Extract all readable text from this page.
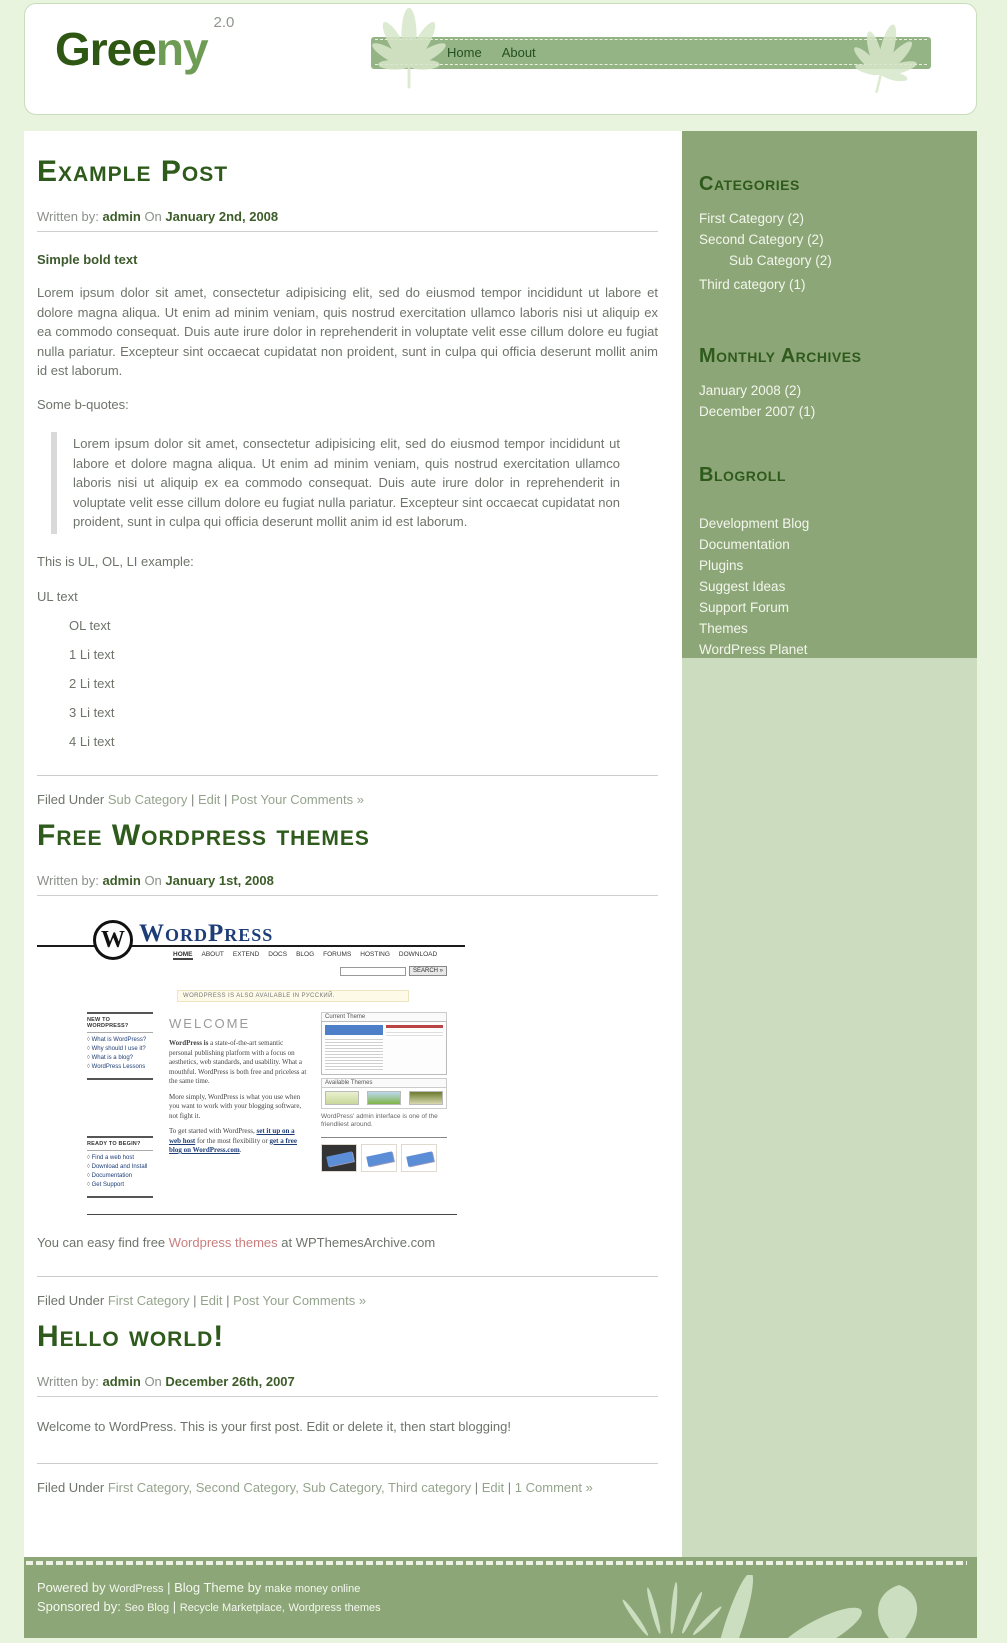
Greeny$^{2.0}$
Home About
Example Post
Written by: admin On January 2nd, 2008

Simple bold text

Lorem ipsum dolor sit amet, consectetur adipisicing elit, sed do eiusmod tempor incididunt ut labore et dolore magna aliqua. Ut enim ad minim veniam, quis nostrud exercitation ullamco laboris nisi ut aliquip ex ea commodo consequat. Duis aute irure dolor in reprehenderit in voluptate velit esse cillum dolore eu fugiat nulla pariatur. Excepteur sint occaecat cupidatat non proident, sunt in culpa qui officia deserunt mollit anim id est laborum.

Some b-quotes:

Lorem ipsum dolor sit amet, consectetur adipisicing elit, sed do eiusmod tempor incididunt ut labore et dolore magna aliqua. Ut enim ad minim veniam, quis nostrud exercitation ullamco laboris nisi ut aliquip ex ea commodo consequat. Duis aute irure dolor in reprehenderit in voluptate velit esse cillum dolore eu fugiat nulla pariatur. Excepteur sint occaecat cupidatat non proident, sunt in culpa qui officia deserunt mollit anim id est laborum.

This is UL, OL, LI example:

UL text
OL text
1 Li text
2 Li text
3 Li text
4 Li text
Filed Under Sub Category | Edit | Post Your Comments »
Free Wordpress themes
Written by: admin On January 1st, 2008
W WordPress
HOME ABOUT EXTEND DOCS BLOG FORUMS HOSTING DOWNLOAD
SEARCH »
WORDPRESS IS ALSO AVAILABLE IN РУССКИЙ.
NEW TO WORDPRESS?
◊ What is WordPress?
◊ Why should I use it?
◊ What is a blog?
◊ WordPress Lessons
READY TO BEGIN?
◊ Find a web host
◊ Download and Install
◊ Documentation
◊ Get Support
WELCOME

WordPress is a state-of-the-art semantic personal publishing platform with a focus on aesthetics, web standards, and usability. What a mouthful. WordPress is both free and priceless at the same time.

More simply, WordPress is what you use when you want to work with your blogging software, not fight it.

To get started with WordPress, set it up on a web host for the most flexibility or get a free blog on WordPress.com.

Current Theme
Available Themes
WordPress' admin interface is one of the friendliest around.

You can easy find free Wordpress themes at WPThemesArchive.com

Filed Under First Category | Edit | Post Your Comments »
Hello world!
Written by: admin On December 26th, 2007

Welcome to WordPress. This is your first post. Edit or delete it, then start blogging!

Filed Under First Category, Second Category, Sub Category, Third category | Edit | 1 Comment »
Categories
First Category (2)
Second Category (2)
Sub Category (2)
Third category (1)
Monthly Archives
January 2008 (2)
December 2007 (1)
Blogroll
Development Blog
Documentation
Plugins
Suggest Ideas
Support Forum
Themes
WordPress Planet
Powered by WordPress | Blog Theme by make money online
Sponsored by: Seo Blog | Recycle Marketplace, Wordpress themes
